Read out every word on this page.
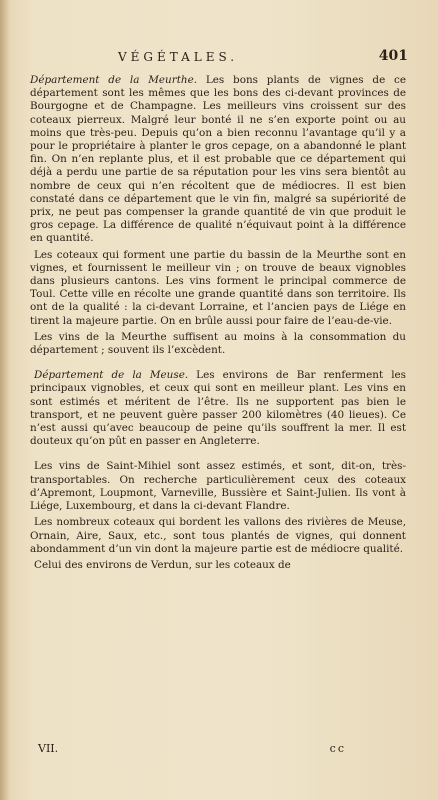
VÉGÉTALES.	401

Département de la Meurthe. Les bons plants de vignes de ce département sont les mêmes que les bons des ci-devant provinces de Bourgogne et de Champagne. Les meilleurs vins croissent sur des coteaux pierreux. Malgré leur bonté il ne s’en exporte point ou au moins que très-peu. Depuis qu’on a bien reconnu l’avantage qu’il y a pour le propriétaire à planter le gros cepage, on a abandonné le plant fin. On n’en replante plus, et il est probable que ce département qui déjà a perdu une partie de sa réputation pour les vins sera bientôt au nombre de ceux qui n’en récoltent que de médiocres. Il est bien constaté dans ce département que le vin fin, malgré sa supériorité de prix, ne peut pas compenser la grande quantité de vin que produit le gros cepage. La différence de qualité n’équivaut point à la différence en quantité.

Les coteaux qui forment une partie du bassin de la Meurthe sont en vignes, et fournissent le meilleur vin ; on trouve de beaux vignobles dans plusieurs cantons. Les vins forment le principal commerce de Toul. Cette ville en récolte une grande quantité dans son territoire. Ils ont de la qualité : la ci-devant Lorraine, et l’ancien pays de Liége en tirent la majeure partie. On en brûle aussi pour faire de l’eau-de-vie.

Les vins de la Meurthe suffisent au moins à la consommation du département ; souvent ils l’excèdent.

Département de la Meuse. Les environs de Bar renferment les principaux vignobles, et ceux qui sont en meilleur plant. Les vins en sont estimés et méritent de l’être. Ils ne supportent pas bien le transport, et ne peuvent guère passer 200 kilomètres (40 lieues). Ce n’est aussi qu’avec beaucoup de peine qu’ils souffrent la mer. Il est douteux qu’on pût en passer en Angleterre.

Les vins de Saint-Mihiel sont assez estimés, et sont, dit-on, très-transportables. On recherche particulièrement ceux des coteaux d’Apremont, Loupmont, Varneville, Bussière et Saint-Julien. Ils vont à Liége, Luxembourg, et dans la ci-devant Flandre.

Les nombreux coteaux qui bordent les vallons des rivières de Meuse, Ornain, Aire, Saux, etc., sont tous plantés de vignes, qui donnent abondamment d’un vin dont la majeure partie est de médiocre qualité.

Celui des environs de Verdun, sur les coteaux de

VII.	cc
